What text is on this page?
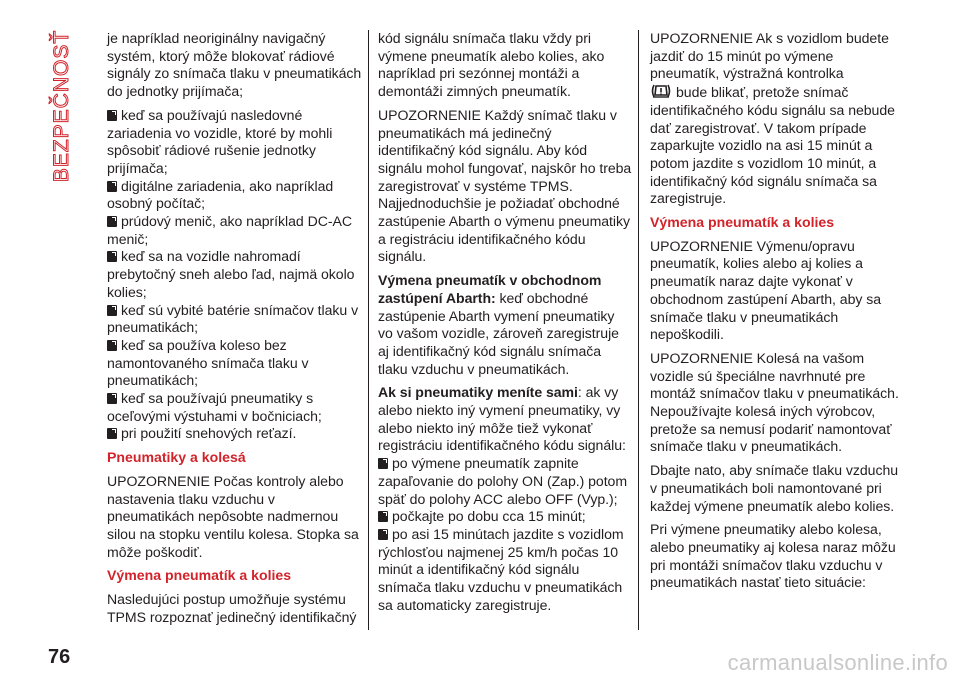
BEZPEČNOSŤ je napríklad neoriginálny navigačný systém, ktorý môže blokovať rádiové signály zo snímača tlaku v pneumatikách do jednotky prijímača;

keď sa používajú nasledovné zariadenia vo vozidle, ktoré by mohli spôsobiť rádiové rušenie jednotky prijímača;

digitálne zariadenia, ako napríklad osobný počítač;

prúdový menič, ako napríklad DC-AC menič;

keď sa na vozidle nahromadí prebytočný sneh alebo ľad, najmä okolo kolies;

keď sú vybité batérie snímačov tlaku v pneumatikách;

keď sa používa koleso bez namontovaného snímača tlaku v pneumatikách;

keď sa používajú pneumatiky s oceľovými výstuhami v bočniciach;

pri použití snehových reťazí.

Pneumatiky a kolesá

UPOZORNENIE Počas kontroly alebo nastavenia tlaku vzduchu v pneumatikách nepôsobte nadmernou silou na stopku ventilu kolesa. Stopka sa môže poškodiť.

Výmena pneumatík a kolies

Nasledujúci postup umožňuje systému TPMS rozpoznať jedinečný identifikačný

kód signálu snímača tlaku vždy pri výmene pneumatík alebo kolies, ako napríklad pri sezónnej montáži a demontáži zimných pneumatík.

UPOZORNENIE Každý snímač tlaku v pneumatikách má jedinečný identifikačný kód signálu. Aby kód signálu mohol fungovať, najskôr ho treba zaregistrovať v systéme TPMS. Najjednoduchšie je požiadať obchodné zastúpenie Abarth o výmenu pneumatiky a registráciu identifikačného kódu signálu.

Výmena pneumatík v obchodnom zastúpení Abarth: keď obchodné zastúpenie Abarth vymení pneumatiky vo vašom vozidle, zároveň zaregistruje aj identifikačný kód signálu snímača tlaku vzduchu v pneumatikách.

Ak si pneumatiky meníte sami: ak vy alebo niekto iný vymení pneumatiky, vy alebo niekto iný môže tiež vykonať registráciu identifikačného kódu signálu:

po výmene pneumatík zapnite zapaľovanie do polohy ON (Zap.) potom späť do polohy ACC alebo OFF (Vyp.);

počkajte po dobu cca 15 minút;

po asi 15 minútach jazdite s vozidlom rýchlosťou najmenej 25 km/h počas 10 minút a identifikačný kód signálu snímača tlaku vzduchu v pneumatikách sa automaticky zaregistruje.

UPOZORNENIE Ak s vozidlom budete jazdiť do 15 minút po výmene pneumatík, výstražná kontrolka
bude blikať, pretože snímač identifikačného kódu signálu sa nebude dať zaregistrovať. V takom prípade zaparkujte vozidlo na asi 15 minút a potom jazdite s vozidlom 10 minút, a identifikačný kód signálu snímača sa zaregistruje.

Výmena pneumatík a kolies

UPOZORNENIE Výmenu/opravu pneumatík, kolies alebo aj kolies a pneumatík naraz dajte vykonať v obchodnom zastúpení Abarth, aby sa snímače tlaku v pneumatikách nepoškodili.

UPOZORNENIE Kolesá na vašom vozidle sú špeciálne navrhnuté pre montáž snímačov tlaku v pneumatikách. Nepoužívajte kolesá iných výrobcov, pretože sa nemusí podariť namontovať snímače tlaku v pneumatikách.

Dbajte nato, aby snímače tlaku vzduchu v pneumatikách boli namontované pri každej výmene pneumatík alebo kolies.

Pri výmene pneumatiky alebo kolesa, alebo pneumatiky aj kolesa naraz môžu pri montáži snímačov tlaku vzduchu v pneumatikách nastať tieto situácie:

76	carmanualsonline.info
